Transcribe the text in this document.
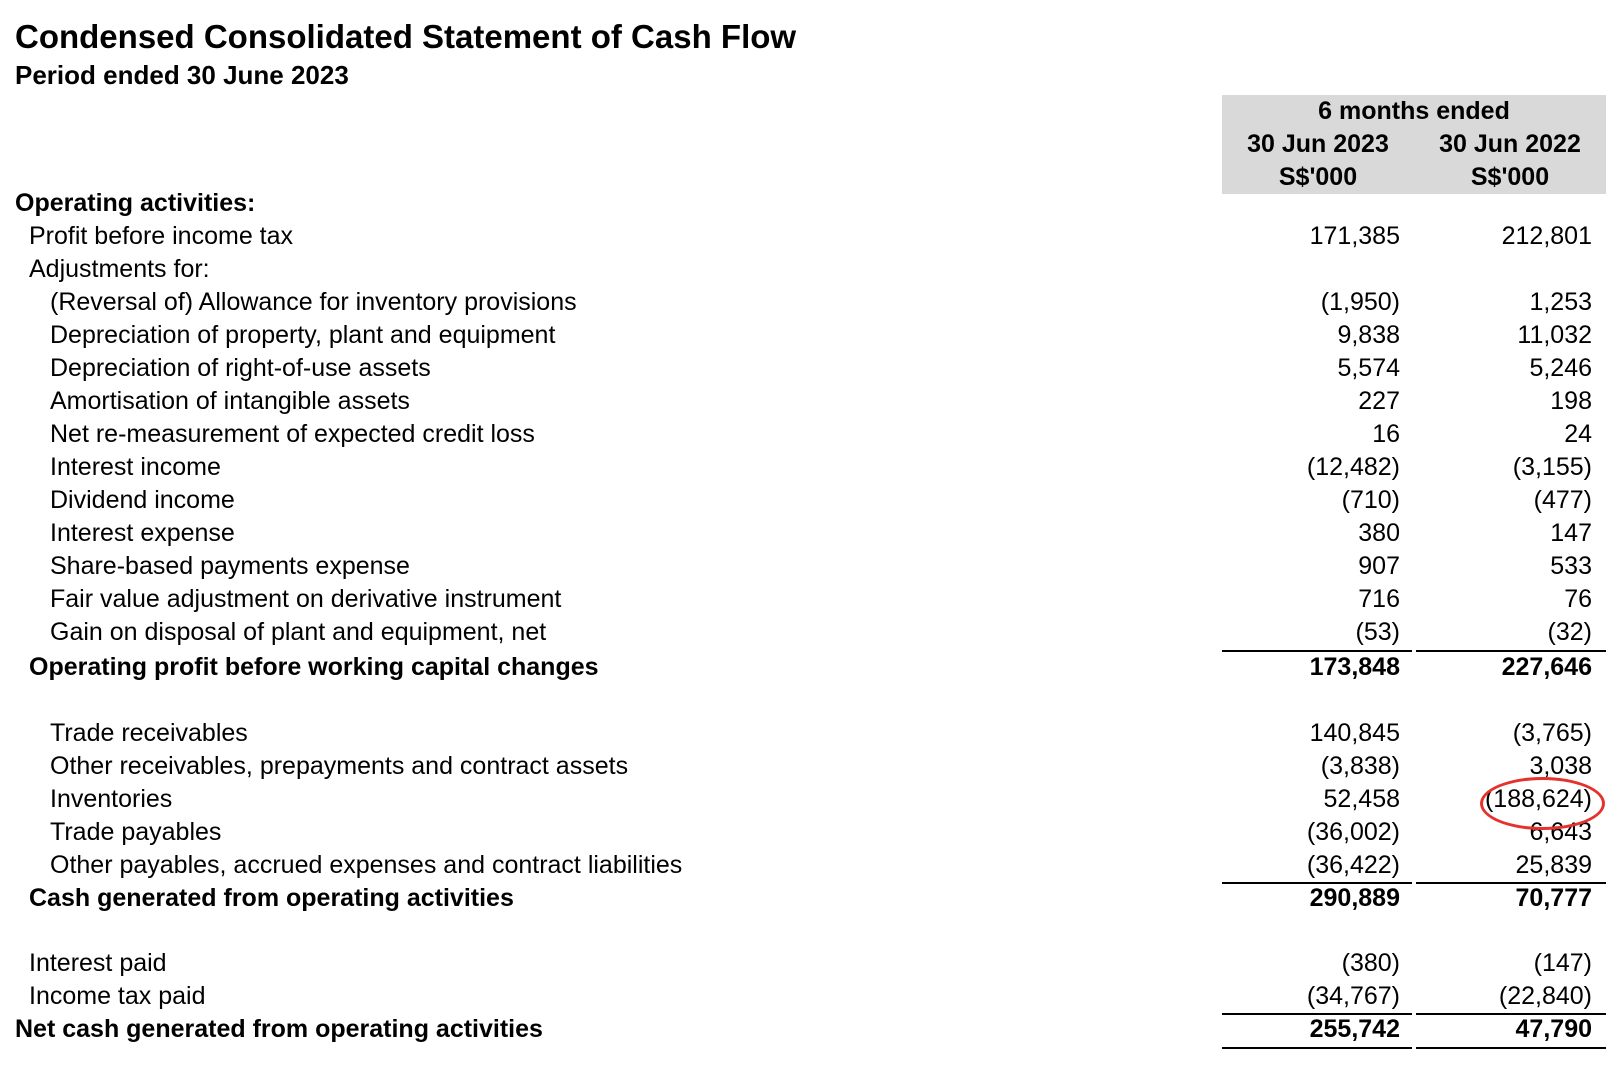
Condensed Consolidated Statement of Cash Flow
Period ended 30 June 2023
6 months ended
30 Jun 2023	30 Jun 2022
S$'000	S$'000
Operating activities:
Profit before income tax	171,385	212,801
Adjustments for:
(Reversal of) Allowance for inventory provisions	(1,950)	1,253
Depreciation of property, plant and equipment	9,838	11,032
Depreciation of right-of-use assets	5,574	5,246
Amortisation of intangible assets	227	198
Net re-measurement of expected credit loss	16	24
Interest income	(12,482)	(3,155)
Dividend income	(710)	(477)
Interest expense	380	147
Share-based payments expense	907	533
Fair value adjustment on derivative instrument	716	76
Gain on disposal of plant and equipment, net	(53)	(32)
Operating profit before working capital changes	173,848	227,646
Trade receivables	140,845	(3,765)
Other receivables, prepayments and contract assets	(3,838)	3,038
Inventories	52,458	(188,624)
Trade payables	(36,002)	6,643
Other payables, accrued expenses and contract liabilities	(36,422)	25,839
Cash generated from operating activities	290,889	70,777
Interest paid	(380)	(147)
Income tax paid	(34,767)	(22,840)
Net cash generated from operating activities	255,742	47,790
